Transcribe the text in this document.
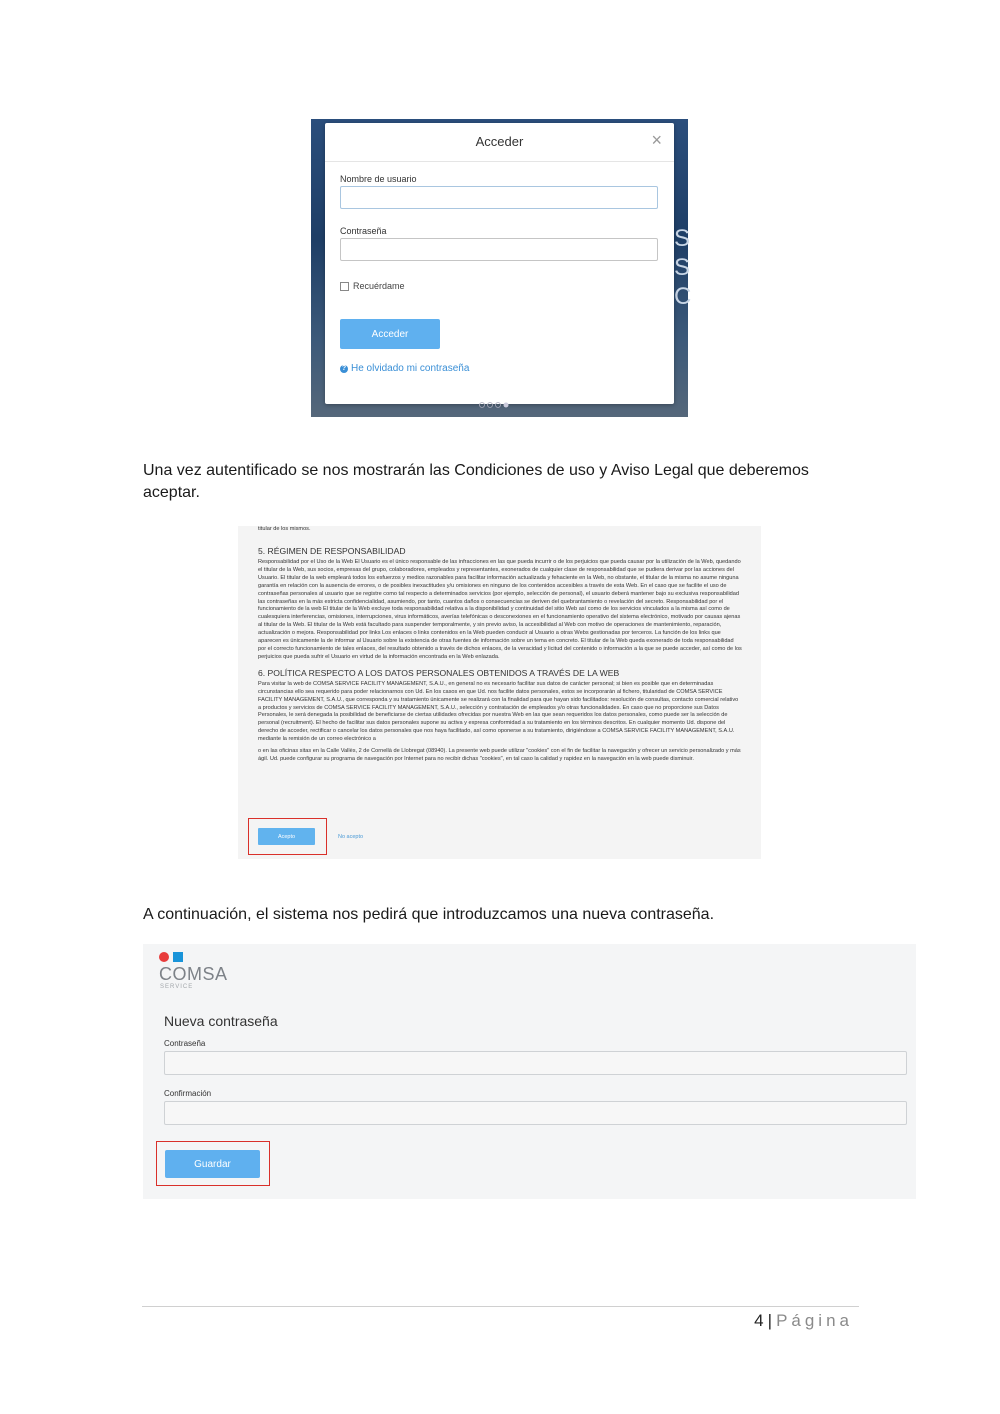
S
S
C
Acceder	×
Nombre de usuario
Contraseña
Recuérdame
Acceder
? He olvidado mi contraseña
Una vez autentificado se nos mostrarán las Condiciones de uso y Aviso Legal que deberemos aceptar.

titular de los mismos.

5. RÉGIMEN DE RESPONSABILIDAD

Responsabilidad por el Uso de la Web El Usuario es el único responsable de las infracciones en las que pueda incurrir o de los perjuicios que pueda causar por la utilización de la Web, quedando el titular de la Web, sus socios, empresas del grupo, colaboradores, empleados y representantes, exonerados de cualquier clase de responsabilidad que se pudiera derivar por las acciones del Usuario. El titular de la web empleará todos los esfuerzos y medios razonables para facilitar información actualizada y fehaciente en la Web, no obstante, el titular de la misma no asume ninguna garantía en relación con la ausencia de errores, o de posibles inexactitudes y/u omisiones en ninguno de los contenidos accesibles a través de esta Web. En el caso que se facilite el uso de contraseñas personales al usuario que se registre como tal respecto a determinados servicios (por ejemplo, selección de personal), el usuario deberá mantener bajo su exclusiva responsabilidad las contraseñas en la más estricta confidencialidad, asumiendo, por tanto, cuantos daños o consecuencias se deriven del quebrantamiento o revelación del secreto. Responsabilidad por el funcionamiento de la web El titular de la Web excluye toda responsabilidad relativa a la disponibilidad y continuidad del sitio Web así como de los servicios vinculados a la misma así como de cualesquiera interferencias, omisiones, interrupciones, virus informáticos, averías telefónicas o desconexiones en el funcionamiento operativo del sistema electrónico, motivado por causas ajenas al titular de la Web. El titular de la Web está facultado para suspender temporalmente, y sin previo aviso, la accesibilidad al Web con motivo de operaciones de mantenimiento, reparación, actualización o mejora. Responsabilidad por links Los enlaces o links contenidos en la Web pueden conducir al Usuario a otras Webs gestionadas por terceros. La función de los links que aparecen es únicamente la de informar al Usuario sobre la existencia de otras fuentes de información sobre un tema en concreto. El titular de la Web queda exonerado de toda responsabilidad por el correcto funcionamiento de tales enlaces, del resultado obtenido a través de dichos enlaces, de la veracidad y licitud del contenido o información a la que se puede acceder, así como de los perjuicios que pueda sufrir el Usuario en virtud de la información encontrada en la Web enlazada.

6. POLÍTICA RESPECTO A LOS DATOS PERSONALES OBTENIDOS A TRAVÉS DE LA WEB

Para visitar la web de COMSA SERVICE FACILITY MANAGEMENT, S.A.U., en general no es necesario facilitar sus datos de carácter personal; si bien es posible que en determinadas circunstancias ello sea requerido para poder relacionarnos con Ud. En los casos en que Ud. nos facilite datos personales, estos se incorporarán al fichero, titularidad de COMSA SERVICE FACILITY MANAGEMENT, S.A.U., que corresponda y su tratamiento únicamente se realizará con la finalidad para que hayan sido facilitados: resolución de consultas, contacto comercial relativo a productos y servicios de COMSA SERVICE FACILITY MANAGEMENT, S.A.U., selección y contratación de empleados y/o otras funcionalidades. En caso que no proporcione sus Datos Personales, le será denegada la posibilidad de beneficiarse de ciertas utilidades ofrecidas por nuestra Web en las que sean requeridos los datos personales, como puede ser la selección de personal (recruitment). El hecho de facilitar sus datos personales supone su activa y expresa conformidad a su tratamiento en los términos descritos. En cualquier momento Ud. dispone del derecho de acceder, rectificar o cancelar los datos personales que nos haya facilitado, así como oponerse a su tratamiento, dirigiéndose a COMSA SERVICE FACILITY MANAGEMENT, S.A.U. mediante la remisión de un correo electrónico a

o en las oficinas sitas en la Calle Vallès, 2 de Cornellà de Llobregat (08940). La presente web puede utilizar "cookies" con el fin de facilitar la navegación y ofrecer un servicio personalizado y más ágil. Ud. puede configurar su programa de navegación por Internet para no recibir dichas "cookies", en tal caso la calidad y rapidez en la navegación en la web puede disminuir.

Acepto	No acepto
A continuación, el sistema nos pedirá que introduzcamos una nueva contraseña.
COMSA
SERVICE
Nueva contraseña
Contraseña
Confirmación
Guardar
4 | Página
